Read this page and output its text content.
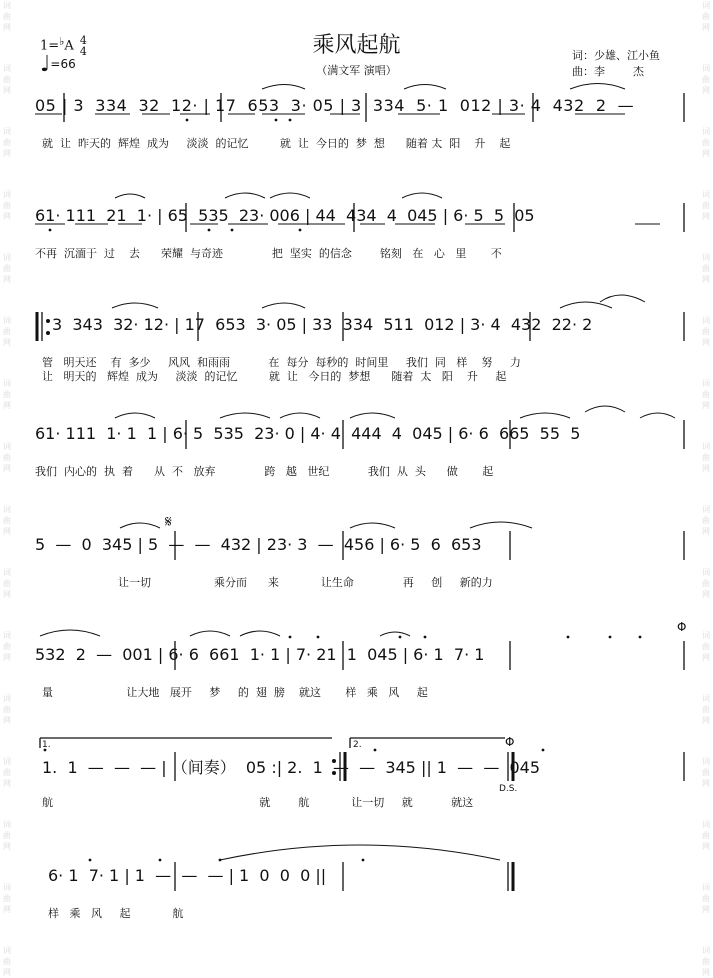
词曲网
词曲网
词曲网
词曲网
词曲网
词曲网
词曲网
词曲网
词曲网
词曲网
词曲网
词曲网
词曲网
词曲网
词曲网
词曲网
词曲网
词曲网
词曲网
词曲网
词曲网
词曲网
词曲网
词曲网
词曲网
词曲网
词曲网
词曲网
词曲网
词曲网
词曲网
词曲网
乘风起航
（满文军 演唱）
1=♭A 4
4
♩=66
词：少雄、江小鱼
曲：李        杰
05 | 3  334  32  12· | 17  653  3· 05 | 3  334  5· 1  012 | 3· 4  432  2  —
就  让  昨天的  辉煌  成为     淡淡  的记忆         就  让  今日的  梦  想      随着 太  阳    升    起
61· 111  21  1· | 65  535  23· 006 | 44  434  4  045 | 6· 5  5  05
不再  沉湎于  过    去      荣耀  与奇迹              把  坚实  的信念        铭刻   在   心   里       不
3  343  32· 12· | 17  653  3· 05 | 33  334  511  012 | 3· 4  432  22· 2
管   明天还    有  多少     风风  和雨雨           在  每分  每秒的  时间里     我们  同   样    努     力
让   明天的   辉煌  成为     淡淡  的记忆         就  让   今日的  梦想      随着  太   阳    升     起
61· 111  1· 1  1 | 6· 5  535  23· 0 | 4· 4  444  4  045 | 6· 6  665  55  5
我们  内心的  执  着      从  不   放弃              跨   越   世纪           我们  从  头      做       起
5  —  0  345 | 5  —  —  432 | 23· 3  —  456 | 6· 5  6  653
让一切                  乘分而      来            让生命              再     创     新的力
𝄋
532  2  —  001 | 6· 6  661  1· 1 | 7· 21  1  045 | 6· 1  7· 1
量                     让大地   展开     梦     的  翅  膀    就这       样   乘   风     起
Φ
1.	2.
1.  1  —  —  — | （间奏）  05 :| 2.  1  —  —  345 || 1  —  —  045
航                                                           就        航            让一切     就           就这
D.S.
Φ
6· 1  7· 1 | 1  —  —  — | 1  0  0  0 ||
样   乘   风     起            航
